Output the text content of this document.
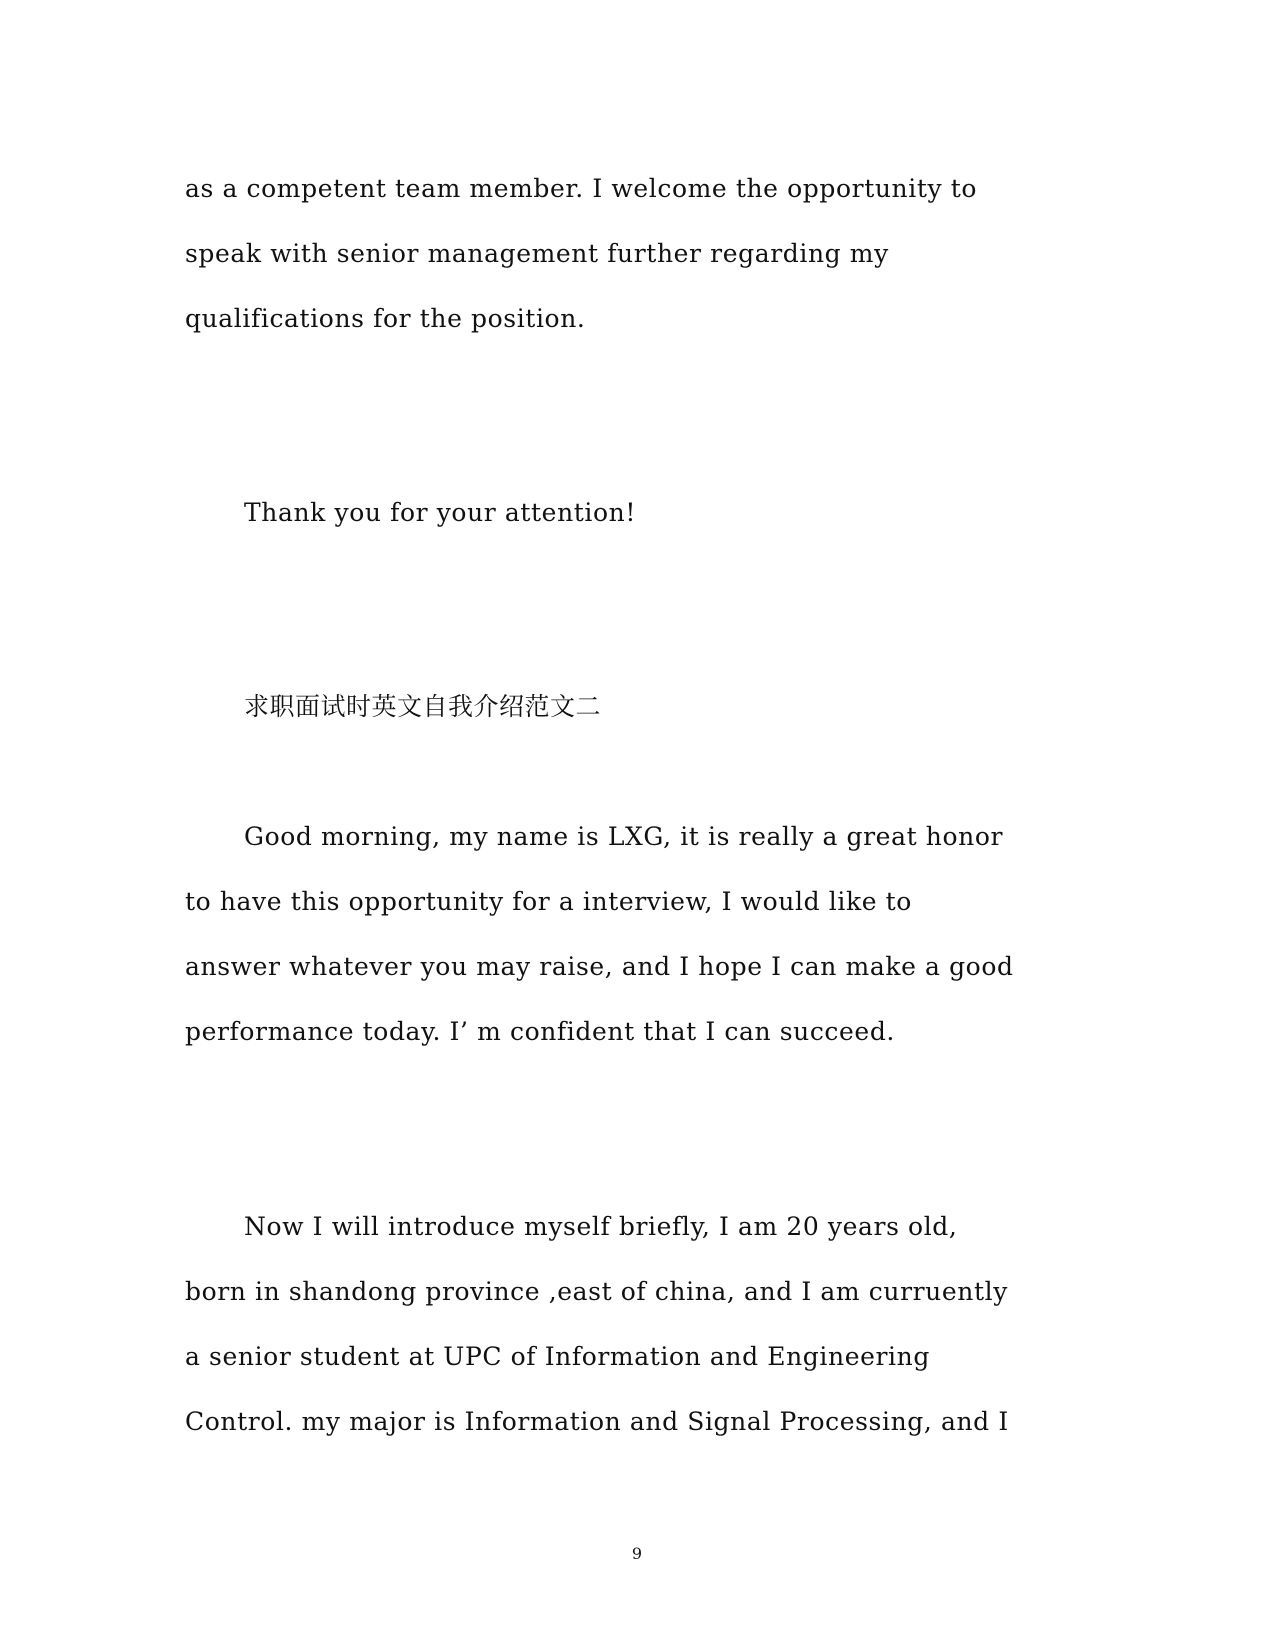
as a competent team member. I welcome the opportunity to
speak with senior management further regarding my
qualifications for the position.
Thank you for your attention!
求职面试时英文自我介绍范文二
Good morning, my name is LXG, it is really a great honor
to have this opportunity for a interview, I would like to
answer whatever you may raise, and I hope I can make a good
performance today. I’ m confident that I can succeed.
Now I will introduce myself briefly, I am 20 years old,
born in shandong province ,east of china, and I am curruently
a senior student at UPC of Information and Engineering
Control. my major is Information and Signal Processing, and I
9
